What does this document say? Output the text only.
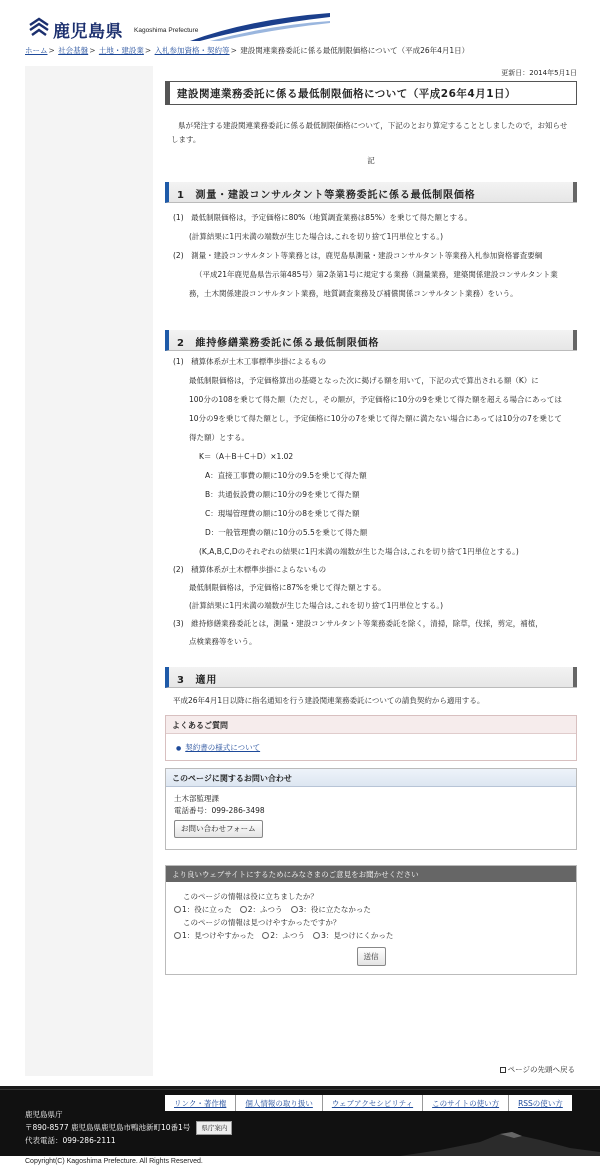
鹿児島県 Kagoshima Prefecture
ホーム> 社会基盤> 土地・建設業> 入札参加資格・契約等> 建設関連業務委託に係る最低制限価格について（平成26年4月1日）
更新日：2014年5月1日
建設関連業務委託に係る最低制限価格について（平成26年4月1日）
県が発注する建設関連業務委託に係る最低制限価格について，下記のとおり算定することとしましたので，お知らせします。
記
1　測量・建設コンサルタント等業務委託に係る最低制限価格
(1)　最低制限価格は，予定価格に80%（地質調査業務は85%）を乗じて得た額とする。
(計算結果に1円未満の端数が生じた場合は,これを切り捨て1円単位とする。)
(2)　測量・建設コンサルタント等業務とは，鹿児島県測量・建設コンサルタント等業務入札参加資格審査要綱
（平成21年鹿児島県告示第485号）第2条第1号に規定する業務（測量業務，建築関係建設コンサルタント業
務，土木関係建設コンサルタント業務，地質調査業務及び補償関係コンサルタント業務）をいう。
2　維持修繕業務委託に係る最低制限価格
(1)　積算体系が土木工事標準歩掛によるもの
最低制限価格は，予定価格算出の基礎となった次に掲げる額を用いて，下記の式で算出される額（K）に
100分の108を乗じて得た額（ただし，その額が，予定価格に10分の9を乗じて得た額を超える場合にあっては
10分の9を乗じて得た額とし，予定価格に10分の7を乗じて得た額に満たない場合にあっては10分の7を乗じて
得た額）とする。
K＝（A＋B＋C＋D）×1.02
A：直接工事費の額に10分の9.5を乗じて得た額
B：共通仮設費の額に10分の9を乗じて得た額
C：現場管理費の額に10分の8を乗じて得た額
D：一般管理費の額に10分の5.5を乗じて得た額
(K,A,B,C,Dのそれぞれの結果に1円未満の端数が生じた場合は,これを切り捨て1円単位とする。)
(2)　積算体系が土木標準歩掛によらないもの
最低制限価格は，予定価格に87%を乗じて得た額とする。
(計算結果に1円未満の端数が生じた場合は,これを切り捨て1円単位とする。)
(3)　維持修繕業務委託とは，測量・建設コンサルタント等業務委託を除く，清掃，除草，伐採，剪定，補植，
点検業務等をいう。
3　適用
平成26年4月1日以降に指名通知を行う建設関連業務委託についての請負契約から適用する。
よくあるご質問
● 契約書の様式について
このページに関するお問い合わせ
土木部監理課
電話番号：099-286-3498
お問い合わせフォーム
より良いウェブサイトにするためにみなさまのご意見をお聞かせください
このページの情報は役に立ちましたか？
1：役に立った 2：ふつう 3：役に立たなかった
このページの情報は見つけやすかったですか？
1：見つけやすかった 2：ふつう 3：見つけにくかった
送信
ページの先頭へ戻る
リンク・著作権	個人情報の取り扱い	ウェブアクセシビリティ	このサイトの使い方	RSSの使い方
鹿児島県庁
〒890-8577 鹿児島県鹿児島市鴨池新町10番1号 県庁案内
代表電話：099-286-2111
Copyright(C) Kagoshima Prefecture. All Rights Reserved.
